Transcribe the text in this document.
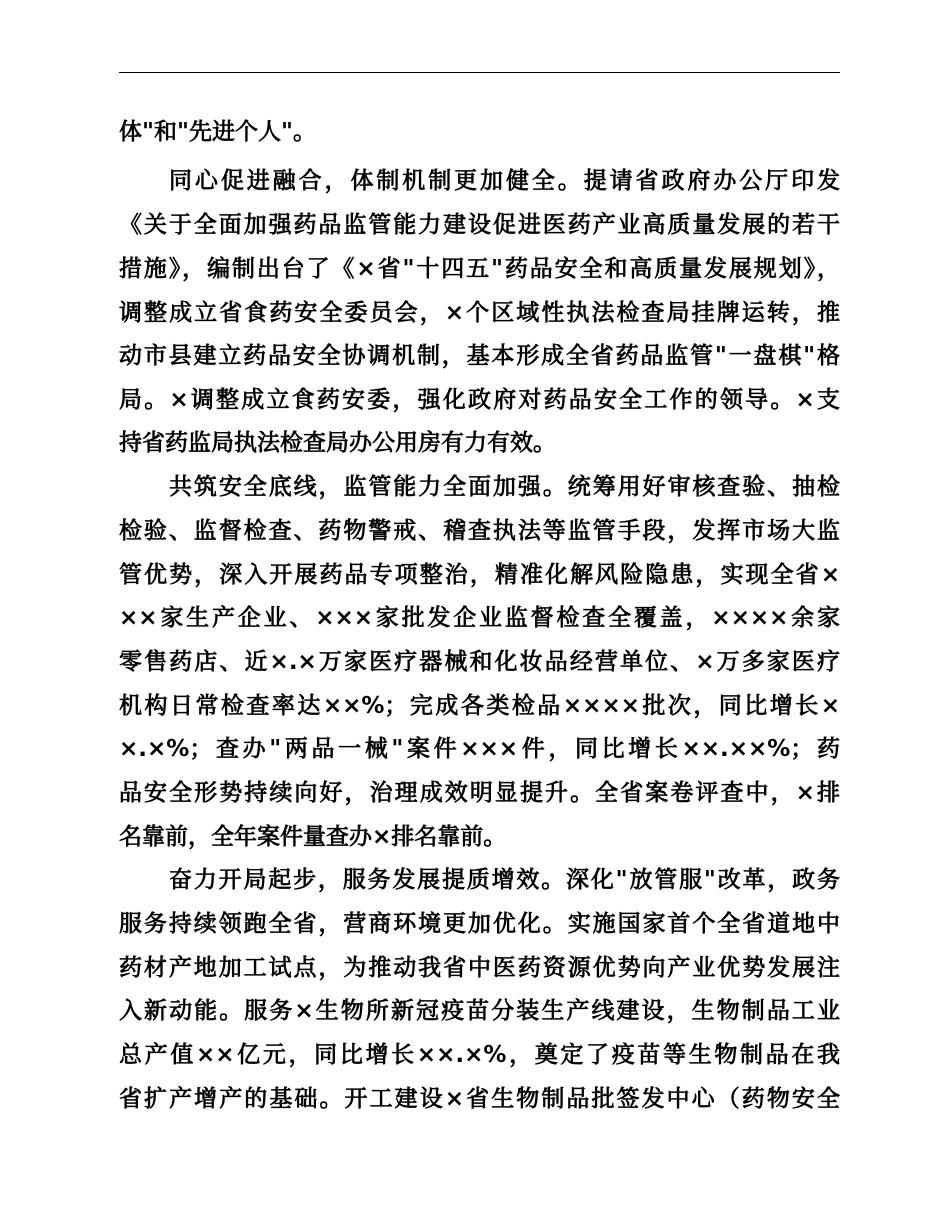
体"和"先进个人"。
同心促进融合，体制机制更加健全。提请省政府办公厅印发
《关于全面加强药品监管能力建设促进医药产业高质量发展的若干
措施》，编制出台了《×省"十四五"药品安全和高质量发展规划》，
调整成立省食药安全委员会，×个区域性执法检查局挂牌运转，推
动市县建立药品安全协调机制，基本形成全省药品监管"一盘棋"格
局。×调整成立食药安委，强化政府对药品安全工作的领导。×支
持省药监局执法检查局办公用房有力有效。
共筑安全底线，监管能力全面加强。统筹用好审核查验、抽检
检验、监督检查、药物警戒、稽查执法等监管手段，发挥市场大监
管优势，深入开展药品专项整治，精准化解风险隐患，实现全省×
××家生产企业、×××家批发企业监督检查全覆盖，××××余家
零售药店、近×.×万家医疗器械和化妆品经营单位、×万多家医疗
机构日常检查率达××%；完成各类检品××××批次，同比增长×
×.×%；查办"两品一械"案件×××件，同比增长××.××%；药
品安全形势持续向好，治理成效明显提升。全省案卷评查中，×排
名靠前，全年案件量查办×排名靠前。
奋力开局起步，服务发展提质增效。深化"放管服"改革，政务
服务持续领跑全省，营商环境更加优化。实施国家首个全省道地中
药材产地加工试点，为推动我省中医药资源优势向产业优势发展注
入新动能。服务×生物所新冠疫苗分装生产线建设，生物制品工业
总产值××亿元，同比增长××.×%，奠定了疫苗等生物制品在我
省扩产增产的基础。开工建设×省生物制品批签发中心（药物安全
